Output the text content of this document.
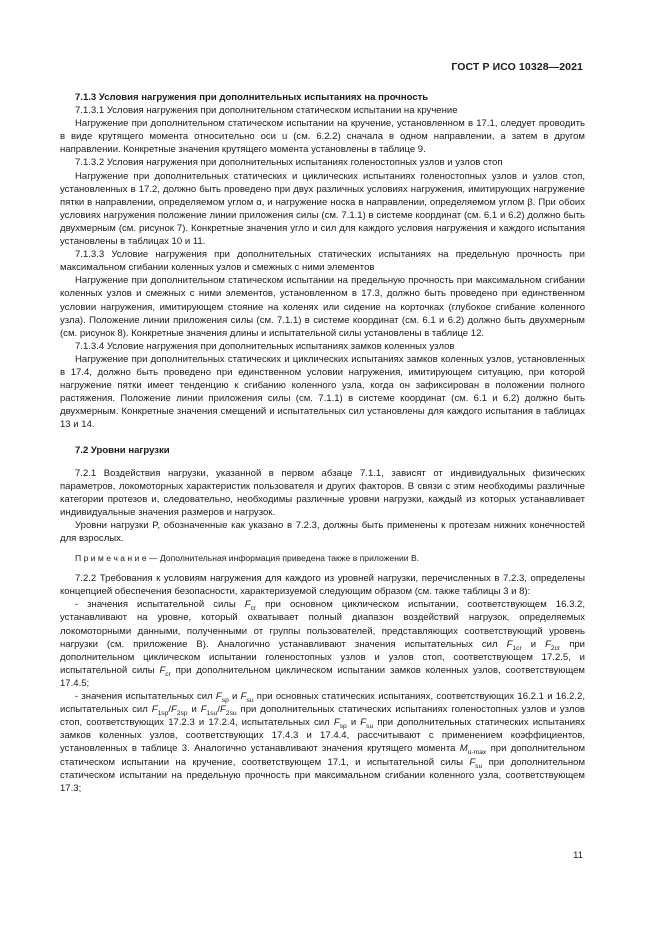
ГОСТ Р ИСО 10328—2021

7.1.3 Условия нагружения при дополнительных испытаниях на прочность

7.1.3.1 Условия нагружения при дополнительном статическом испытании на кручение

Нагружение при дополнительном статическом испытании на кручение, установленном в 17.1, следует проводить в виде крутящего момента относительно оси u (см. 6.2.2) сначала в одном направлении, а затем в другом направлении. Конкретные значения крутящего момента установлены в таблице 9.

7.1.3.2 Условия нагружения при дополнительных испытаниях голеностопных узлов и узлов стоп

Нагружение при дополнительных статических и циклических испытаниях голеностопных узлов и узлов стоп, установленных в 17.2, должно быть проведено при двух различных условиях нагружения, имитирующих нагружение пятки в направлении, определяемом углом α, и нагружение носка в направлении, определяемом углом β. При обоих условиях нагружения положение линии приложения силы (см. 7.1.1) в системе координат (см. 6.1 и 6.2) должно быть двухмерным (см. рисунок 7). Конкретные значения угло и сил для каждого условия нагружения и каждого испытания установлены в таблицах 10 и 11.

7.1.3.3 Условие нагружения при дополнительных статических испытаниях на предельную прочность при максимальном сгибании коленных узлов и смежных с ними элементов

Нагружение при дополнительном статическом испытании на предельную прочность при максимальном сгибании коленных узлов и смежных с ними элементов, установленном в 17.3, должно быть проведено при единственном условии нагружения, имитирующем стояние на коленях или сидение на корточках (глубокое сгибание коленного узла). Положение линии приложения силы (см. 7.1.1) в системе координат (см. 6.1 и 6.2) должно быть двухмерным (см. рисунок 8). Конкретные значения длины и испытательной силы установлены в таблице 12.

7.1.3.4 Условие нагружения при дополнительных испытаниях замков коленных узлов

Нагружение при дополнительных статических и циклических испытаниях замков коленных узлов, установленных в 17.4, должно быть проведено при единственном условии нагружения, имитирующем ситуацию, при которой нагружение пятки имеет тенденцию к сгибанию коленного узла, когда он зафиксирован в положении полного растяжения. Положение линии приложения силы (см. 7.1.1) в системе координат (см. 6.1 и 6.2) должно быть двухмерным. Конкретные значения смещений и испытательных сил установлены для каждого испытания в таблицах 13 и 14.

7.2 Уровни нагрузки

7.2.1 Воздействия нагрузки, указанной в первом абзаце 7.1.1, зависят от индивидуальных физических параметров, локомоторных характеристик пользователя и других факторов. В связи с этим необходимы различные категории протезов и, следовательно, необходимы различные уровни нагрузки, каждый из которых устанавливает индивидуальные значения размеров и нагрузок.

Уровни нагрузки P, обозначенные как указано в 7.2.3, должны быть применены к протезам нижних конечностей для взрослых.

П р и м е ч а н и е — Дополнительная информация приведена также в приложении B.

7.2.2 Требования к условиям нагружения для каждого из уровней нагрузки, перечисленных в 7.2.3, определены концепцией обеспечения безопасности, характеризуемой следующим образом (см. также таблицы 3 и 8):

- значения испытательной силы $F_{cr}$ при основном циклическом испытании, соответствующем 16.3.2, устанавливают на уровне, который охватывает полный диапазон воздействий нагрузок, определяемых локомоторными данными, полученными от группы пользователей, представляющих соответствующий уровень нагрузки (см. приложение B). Аналогично устанавливают значения испытательных сил $F_{1cr}$ и $F_{2cr}$ при дополнительном циклическом испытании голеностопных узлов и узлов стоп, соответствующем 17.2.5, и испытательной силы $F_{cr}$ при дополнительном циклическом испытании замков коленных узлов, соответствующем 17.4.5;

- значения испытательных сил $F_{sp}$ и $F_{su}$ при основных статических испытаниях, соответствующих 16.2.1 и 16.2.2, испытательных сил $F_{1sp}/F_{2sp}$ и $F_{1su}/F_{2su}$ при дополнительных статических испытаниях голеностопных узлов и узлов стоп, соответствующих 17.2.3 и 17.2.4, испытательных сил $F_{sp}$ и $F_{su}$ при дополнительных статических испытаниях замков коленных узлов, соответствующих 17.4.3 и 17.4.4, рассчитывают с применением коэффициентов, установленных в таблице 3. Аналогично устанавливают значения крутящего момента $M_{u-max}$ при дополнительном статическом испытании на кручение, соответствующем 17.1, и испытательной силы $F_{su}$ при дополнительном статическом испытании на предельную прочность при максимальном сгибании коленного узла, соответствующем 17.3;

11
